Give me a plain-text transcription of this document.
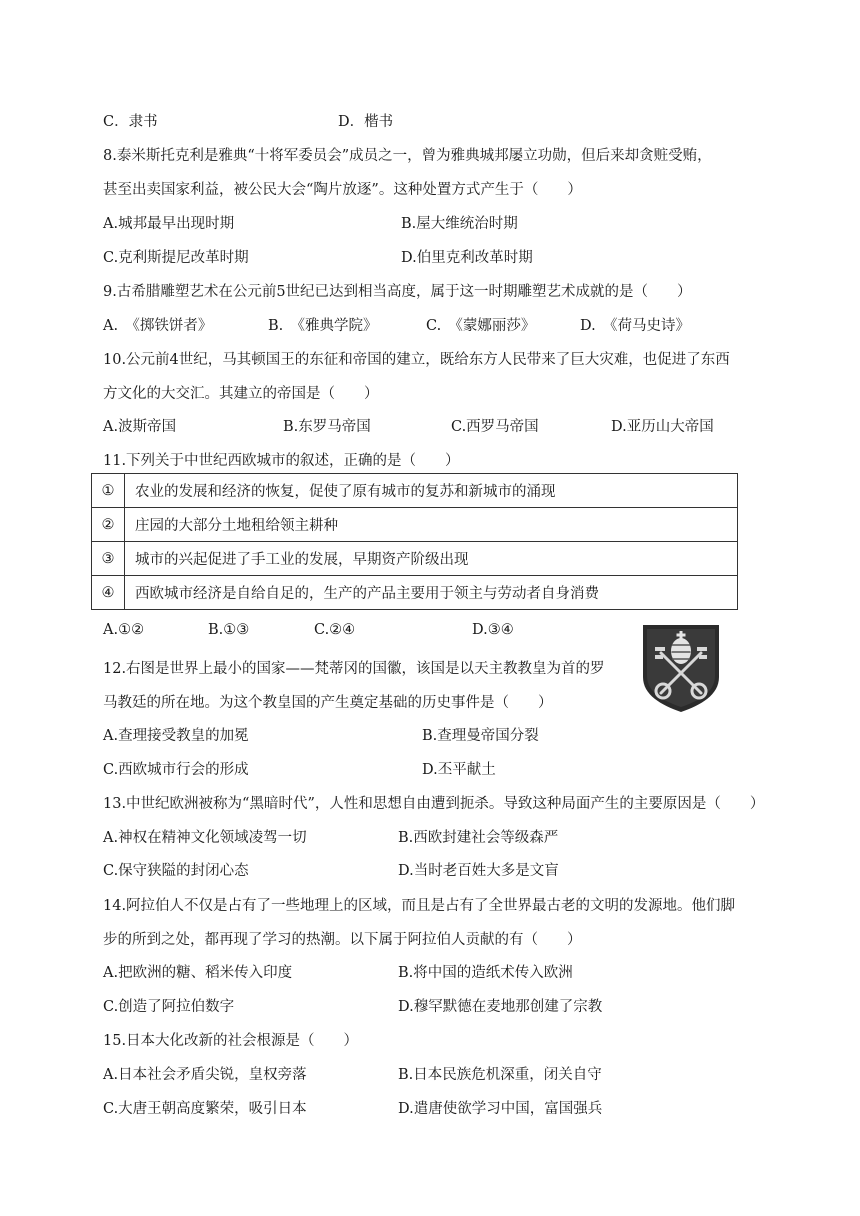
C．隶书	D．楷书
8.泰米斯托克利是雅典“十将军委员会”成员之一，曾为雅典城邦屡立功勋，但后来却贪赃受贿，
甚至出卖国家利益，被公民大会“陶片放逐”。这种处置方式产生于（　　）
A.城邦最早出现时期	B.屋大维统治时期
C.克利斯提尼改革时期	D.伯里克利改革时期
9.古希腊雕塑艺术在公元前5世纪已达到相当高度，属于这一时期雕塑艺术成就的是（　　）
A.　《掷铁饼者》	B.　《雅典学院》	C.　《蒙娜丽莎》	D.　《荷马史诗》
10.公元前4世纪，马其顿国王的东征和帝国的建立，既给东方人民带来了巨大灾难，也促进了东西
方文化的大交汇。其建立的帝国是（　　）
A.波斯帝国	B.东罗马帝国	C.西罗马帝国	D.亚历山大帝国
11.下列关于中世纪西欧城市的叙述，正确的是（　　）
①	农业的发展和经济的恢复，促使了原有城市的复苏和新城市的涌现
②	庄园的大部分土地租给领主耕种
③	城市的兴起促进了手工业的发展，早期资产阶级出现
④	西欧城市经济是自给自足的，生产的产品主要用于领主与劳动者自身消费
A.①②	B.①③	C.②④	D.③④
12.右图是世界上最小的国家——梵蒂冈的国徽，该国是以天主教教皇为首的罗
马教廷的所在地。为这个教皇国的产生奠定基础的历史事件是（　　）
A.查理接受教皇的加冕	B.查理曼帝国分裂
C.西欧城市行会的形成	D.丕平献土
13.中世纪欧洲被称为“黑暗时代”，人性和思想自由遭到扼杀。导致这种局面产生的主要原因是（　　）
A.神权在精神文化领域凌驾一切	B.西欧封建社会等级森严
C.保守狭隘的封闭心态	D.当时老百姓大多是文盲
14.阿拉伯人不仅是占有了一些地理上的区域，而且是占有了全世界最古老的文明的发源地。他们脚
步的所到之处，都再现了学习的热潮。以下属于阿拉伯人贡献的有（　　）
A.把欧洲的糖、稻米传入印度	B.将中国的造纸术传入欧洲
C.创造了阿拉伯数字	D.穆罕默德在麦地那创建了宗教
15.日本大化改新的社会根源是（　　）
A.日本社会矛盾尖锐，皇权旁落	B.日本民族危机深重，闭关自守
C.大唐王朝高度繁荣，吸引日本	D.遣唐使欲学习中国，富国强兵
